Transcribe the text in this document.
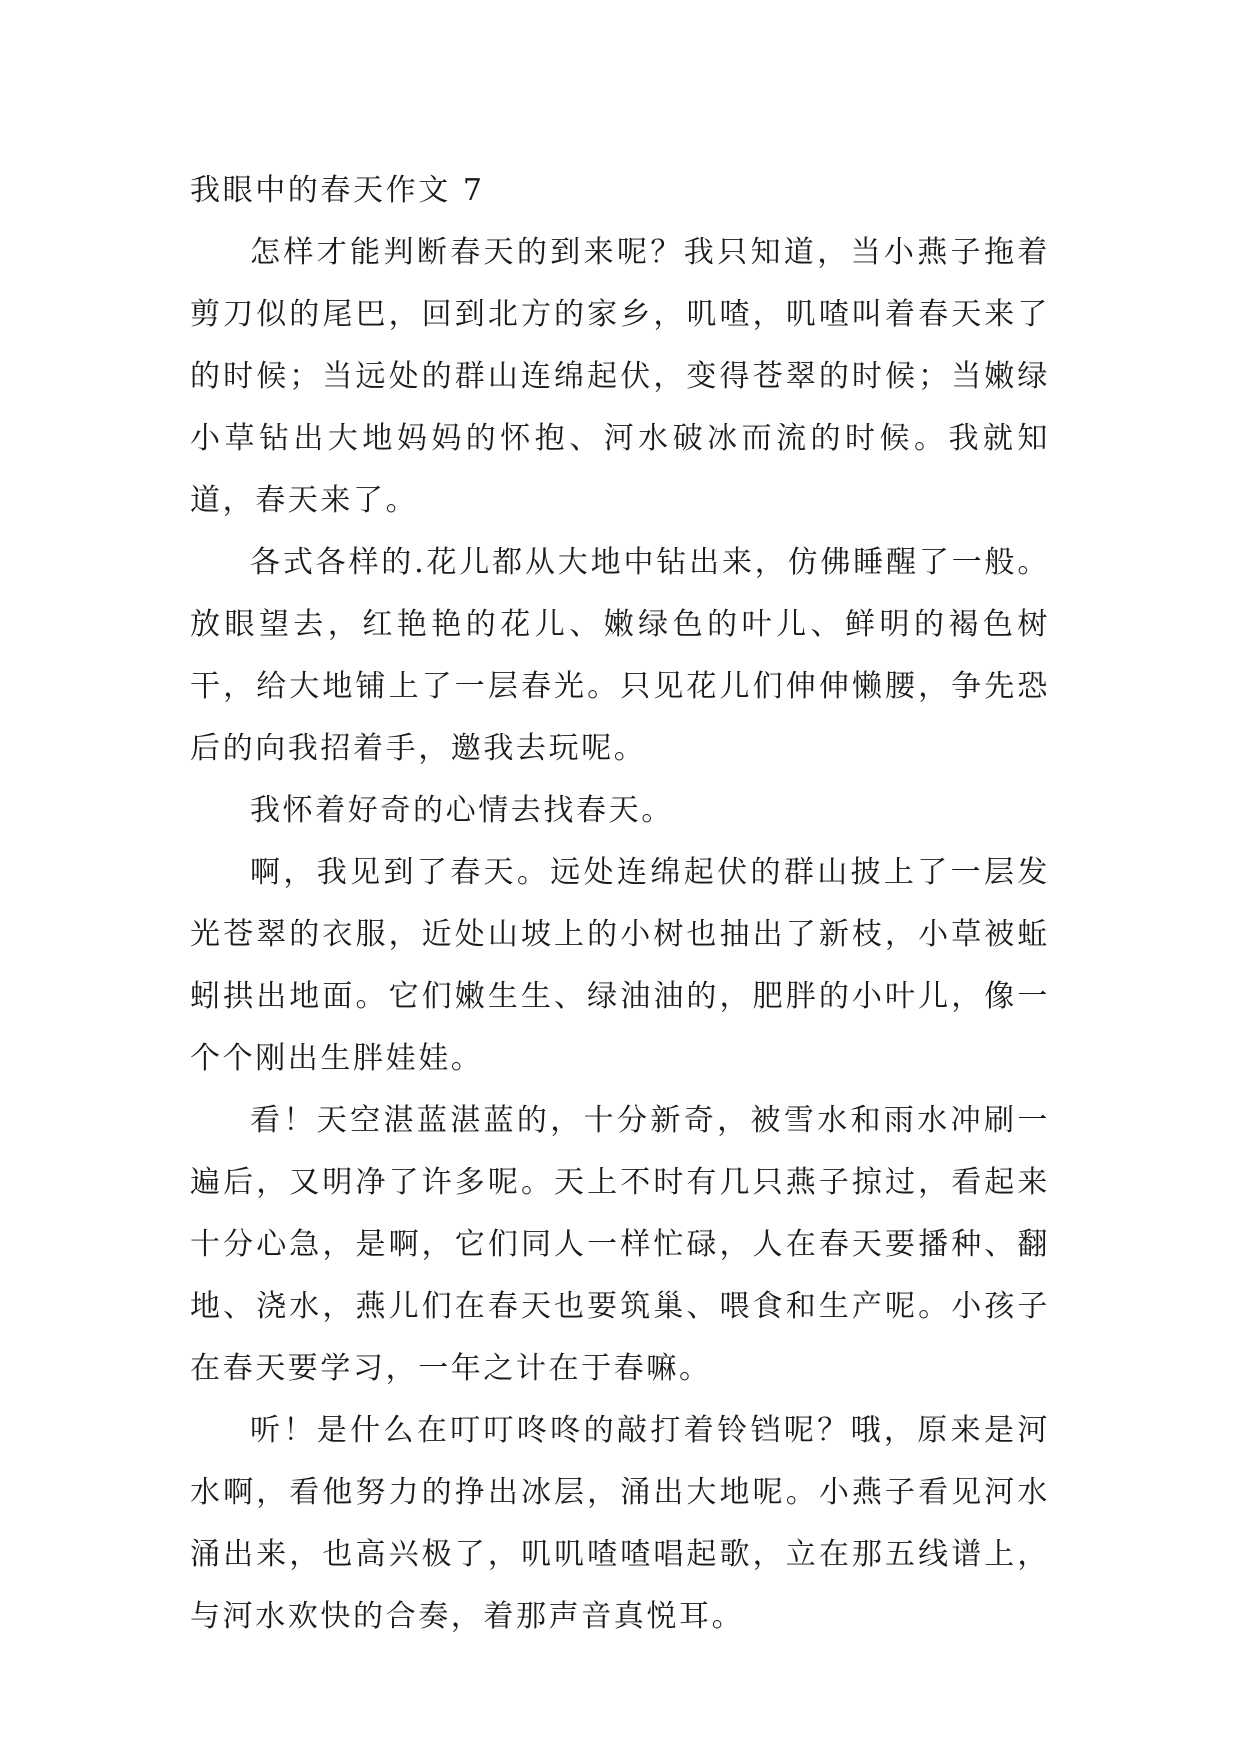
我眼中的春天作文 7

怎样才能判断春天的到来呢？我只知道，当小燕子拖着剪刀似的尾巴，回到北方的家乡，叽喳，叽喳叫着春天来了的时候；当远处的群山连绵起伏，变得苍翠的时候；当嫩绿小草钻出大地妈妈的怀抱、河水破冰而流的时候。我就知道，春天来了。

各式各样的.花儿都从大地中钻出来，仿佛睡醒了一般。放眼望去，红艳艳的花儿、嫩绿色的叶儿、鲜明的褐色树干，给大地铺上了一层春光。只见花儿们伸伸懒腰，争先恐后的向我招着手，邀我去玩呢。

我怀着好奇的心情去找春天。

啊，我见到了春天。远处连绵起伏的群山披上了一层发光苍翠的衣服，近处山坡上的小树也抽出了新枝，小草被蚯蚓拱出地面。它们嫩生生、绿油油的，肥胖的小叶儿，像一个个刚出生胖娃娃。

看！天空湛蓝湛蓝的，十分新奇，被雪水和雨水冲刷一遍后，又明净了许多呢。天上不时有几只燕子掠过，看起来十分心急，是啊，它们同人一样忙碌，人在春天要播种、翻地、浇水，燕儿们在春天也要筑巢、喂食和生产呢。小孩子在春天要学习，一年之计在于春嘛。

听！是什么在叮叮咚咚的敲打着铃铛呢？哦，原来是河水啊，看他努力的挣出冰层，涌出大地呢。小燕子看见河水涌出来，也高兴极了，叽叽喳喳唱起歌，立在那五线谱上，与河水欢快的合奏，着那声音真悦耳。
